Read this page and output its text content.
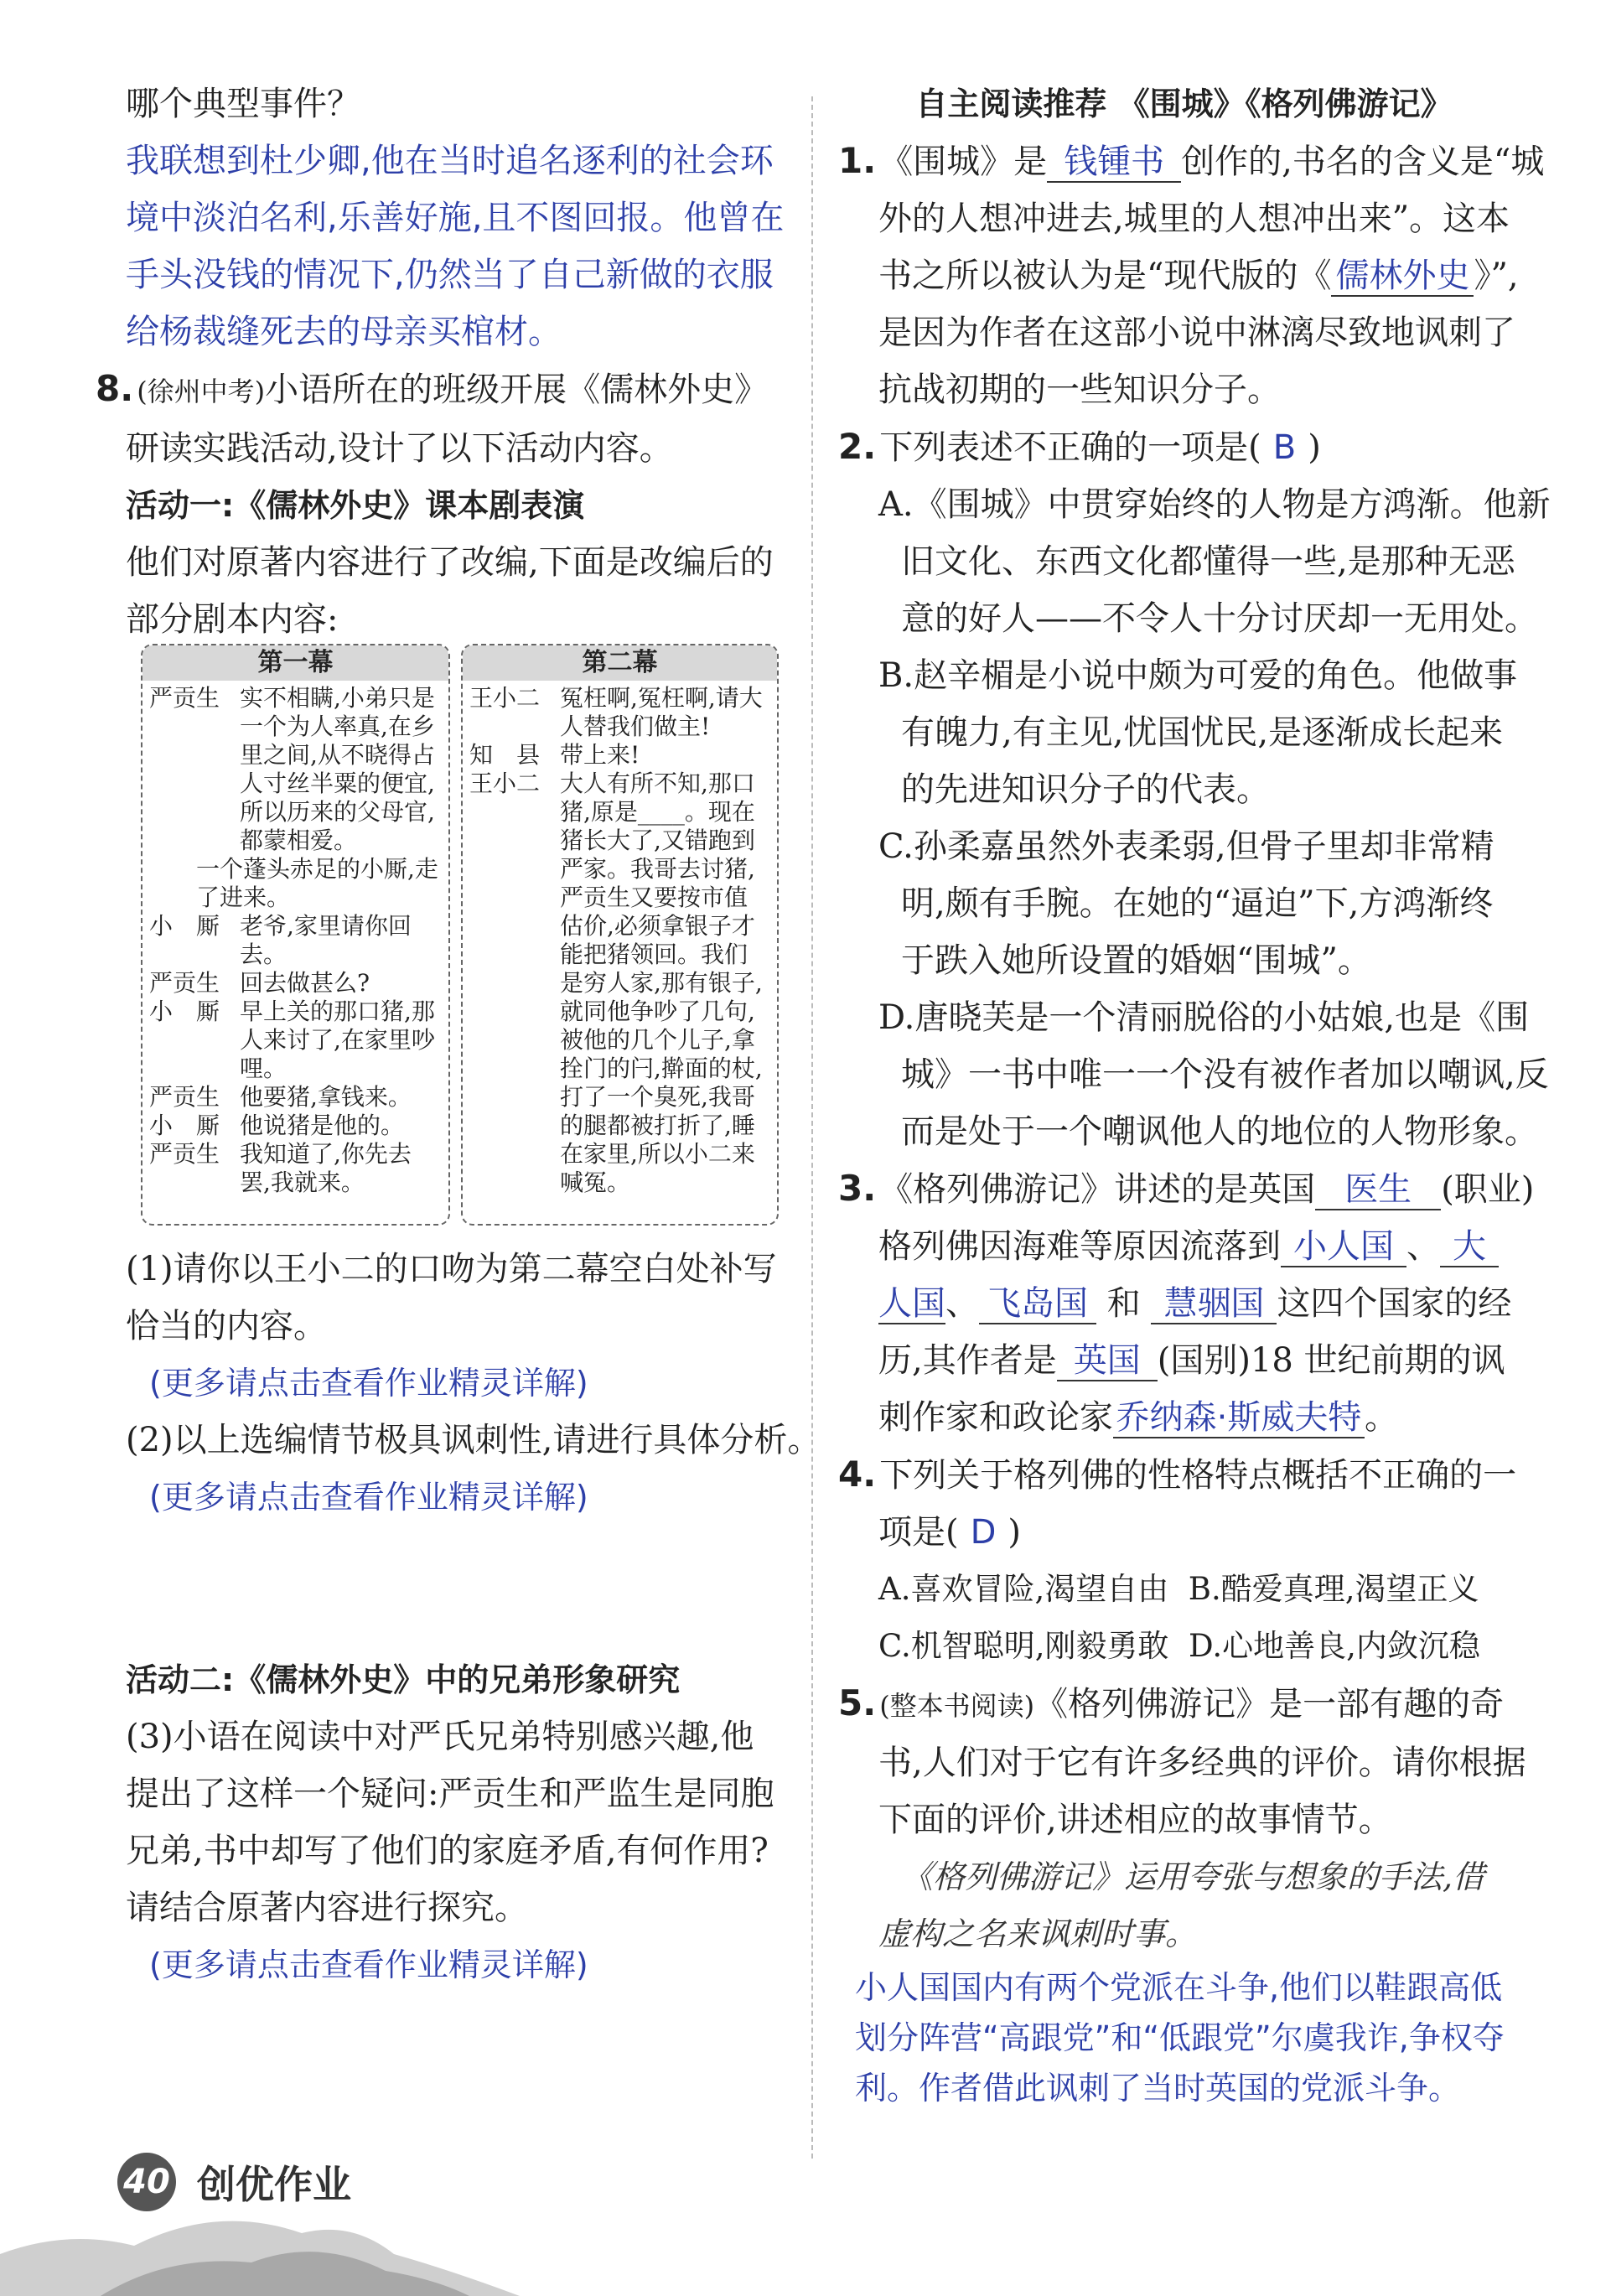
哪个典型事件？
我联想到杜少卿,他在当时追名逐利的社会环
境中淡泊名利,乐善好施,且不图回报。他曾在
手头没钱的情况下,仍然当了自己新做的衣服
给杨裁缝死去的母亲买棺材。
8. (徐州中考)小语所在的班级开展《儒林外史》
研读实践活动,设计了以下活动内容。
活动一:《儒林外史》课本剧表演
他们对原著内容进行了改编,下面是改编后的
部分剧本内容:
第一幕
严贡生 实不相瞒,小弟只是一个为人率真,在乡里之间,从不晓得占人寸丝半粟的便宜,所以历来的父母官,都蒙相爱。
一个蓬头赤足的小厮,走了进来。
小　厮 老爷,家里请你回去。
严贡生 回去做甚么?
小　厮 早上关的那口猪,那人来讨了,在家里吵哩。
严贡生 他要猪,拿钱来。
小　厮 他说猪是他的。
严贡生 我知道了,你先去罢,我就来。
第二幕
王小二 冤枉啊,冤枉啊,请大人替我们做主!
知　县 带上来!
王小二 大人有所不知,那口猪,原是____。现在猪长大了,又错跑到严家。我哥去讨猪,严贡生又要按市值估价,必须拿银子才能把猪领回。我们是穷人家,那有银子,就同他争吵了几句,被他的几个儿子,拿拴门的闩,擀面的杖,打了一个臭死,我哥的腿都被打折了,睡在家里,所以小二来喊冤。
(1)请你以王小二的口吻为第二幕空白处补写
恰当的内容。
(更多请点击查看作业精灵详解)
(2)以上选编情节极具讽刺性,请进行具体分析。
(更多请点击查看作业精灵详解)
活动二:《儒林外史》中的兄弟形象研究
(3)小语在阅读中对严氏兄弟特别感兴趣,他
提出了这样一个疑问:严贡生和严监生是同胞
兄弟,书中却写了他们的家庭矛盾,有何作用?
请结合原著内容进行探究。
(更多请点击查看作业精灵详解)
自主阅读推荐 《围城》《格列佛游记》
1. 《围城》是 钱锺书 创作的,书名的含义是“城
外的人想冲进去,城里的人想冲出来”。这本
书之所以被认为是“现代版的《 儒林外史 》”,
是因为作者在这部小说中淋漓尽致地讽刺了
抗战初期的一些知识分子。
2. 下列表述不正确的一项是( B )
A.《围城》中贯穿始终的人物是方鸿渐。他新
旧文化、东西文化都懂得一些,是那种无恶
意的好人——不令人十分讨厌却一无用处。
B.赵辛楣是小说中颇为可爱的角色。他做事
有魄力,有主见,忧国忧民,是逐渐成长起来
的先进知识分子的代表。
C.孙柔嘉虽然外表柔弱,但骨子里却非常精
明,颇有手腕。在她的“逼迫”下,方鸿渐终
于跌入她所设置的婚姻“围城”。
D.唐晓芙是一个清丽脱俗的小姑娘,也是《围
城》一书中唯一一个没有被作者加以嘲讽,反
而是处于一个嘲讽他人的地位的人物形象。
3. 《格列佛游记》讲述的是英国 医生 (职业)
格列佛因海难等原因流落到 小人国 、 大
人国、 飞岛国 和 慧骃国 这四个国家的经
历,其作者是 英国 (国别)18 世纪前期的讽
刺作家和政论家乔纳森·斯威夫特。
4. 下列关于格列佛的性格特点概括不正确的一
项是( D )
A.喜欢冒险,渴望自由 B.酷爱真理,渴望正义
C.机智聪明,刚毅勇敢 D.心地善良,内敛沉稳
5. (整本书阅读)《格列佛游记》是一部有趣的奇
书,人们对于它有许多经典的评价。请你根据
下面的评价,讲述相应的故事情节。
《格列佛游记》运用夸张与想象的手法,借
虚构之名来讽刺时事。
小人国国内有两个党派在斗争,他们以鞋跟高低
划分阵营“高跟党”和“低跟党”尔虞我诈,争权夺
利。作者借此讽刺了当时英国的党派斗争。
40 创优作业
